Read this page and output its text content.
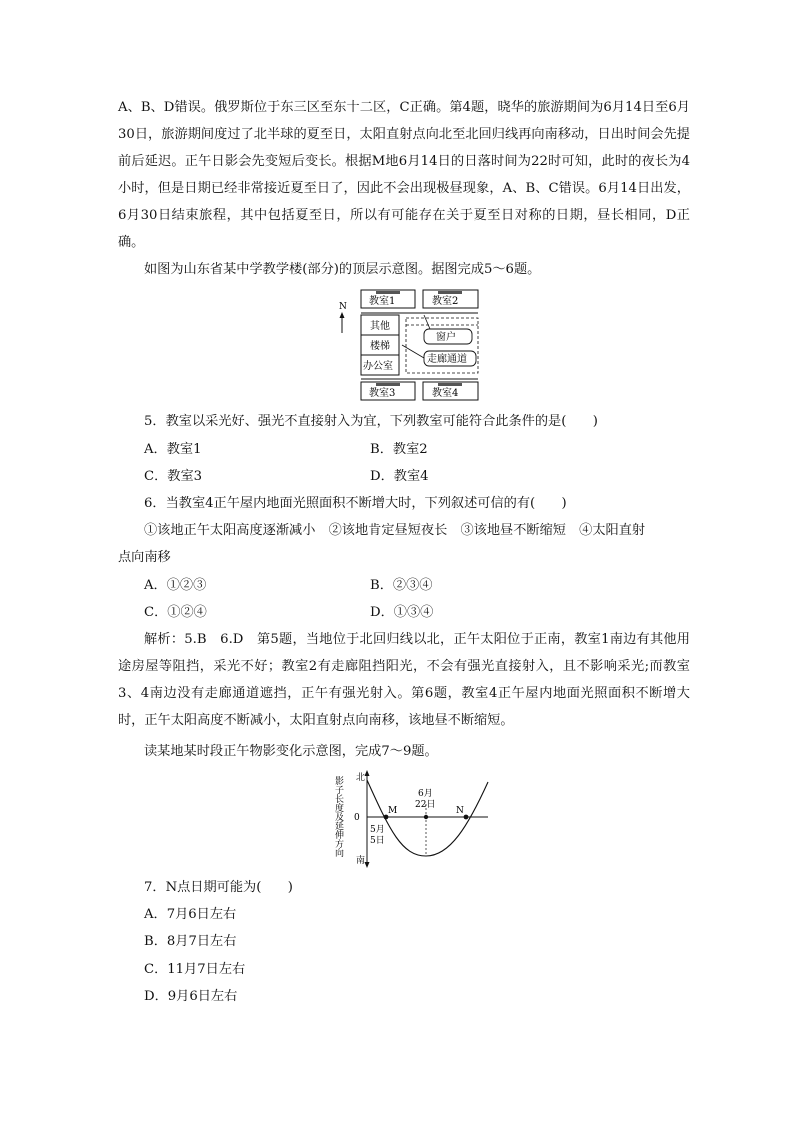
A、B、D错误。俄罗斯位于东三区至东十二区，C正确。第4题，晓华的旅游期间为6月14日至6月30日，旅游期间度过了北半球的夏至日，太阳直射点向北至北回归线再向南移动，日出时间会先提前后延迟。正午日影会先变短后变长。根据M地6月14日的日落时间为22时可知，此时的夜长为4小时，但是日期已经非常接近夏至日了，因此不会出现极昼现象，A、B、C错误。6月14日出发，6月30日结束旅程，其中包括夏至日，所以有可能存在关于夏至日对称的日期，昼长相同，D正确。
如图为山东省某中学教学楼(部分)的顶层示意图。据图完成5～6题。
N 教室1	教室2
其他
楼梯
办公室
窗户
走廊通道
教室3	教室4
5．教室以采光好、强光不直接射入为宜，下列教室可能符合此条件的是(　　)
A．教室1	B．教室2
C．教室3	D．教室4
6．当教室4正午屋内地面光照面积不断增大时，下列叙述可信的有(　　)
①该地正午太阳高度逐渐减小　②该地肯定昼短夜长　③该地昼不断缩短　④太阳直射
点向南移
A．①②③	B．②③④
C．①②④	D．①③④
解析：5.B　6.D　第5题，当地位于北回归线以北，正午太阳位于正南，教室1南边有其他用途房屋等阻挡，采光不好；教室2有走廊阻挡阳光，不会有强光直接射入，且不影响采光;而教室3、4南边没有走廊通道遮挡，正午有强光射入。第6题，教室4正午屋内地面光照面积不断增大时，正午太阳高度不断减小，太阳直射点向南移，该地昼不断缩短。
读某地某时段正午物影变化示意图，完成7～9题。
影子长度及延伸方向 北
南
0
M	N
6月
22日
5月
5日
7．N点日期可能为(　　)
A．7月6日左右
B．8月7日左右
C．11月7日左右
D．9月6日左右
